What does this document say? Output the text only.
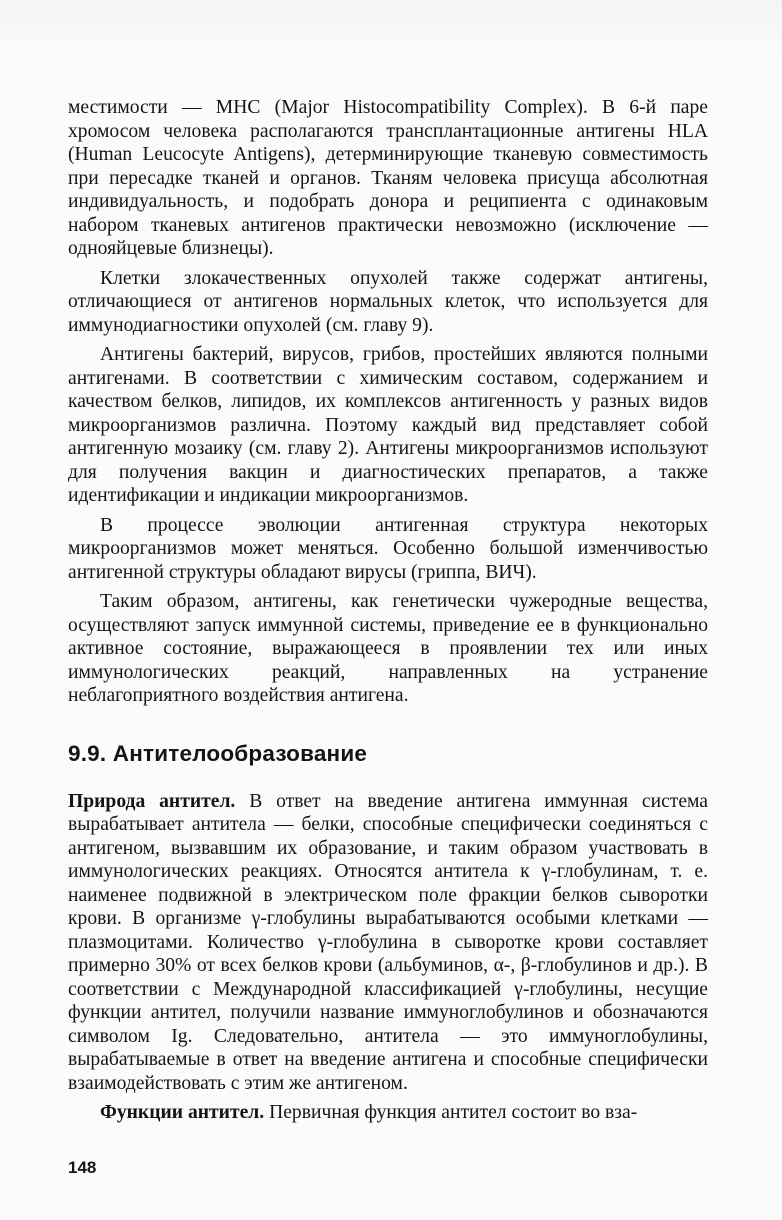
местимости — MHC (Major Histocompatibility Complex). В 6-й паре хромосом человека располагаются трансплантационные антигены HLA (Human Leucocyte Antigens), детерминирующие тканевую совместимость при пересадке тканей и органов. Тканям человека присуща абсолютная индивидуальность, и подобрать донора и реципиента с одинаковым набором тканевых антигенов практически невозможно (исключение — однояйцевые близнецы).

Клетки злокачественных опухолей также содержат антигены, отличающиеся от антигенов нормальных клеток, что используется для иммунодиагностики опухолей (см. главу 9).

Антигены бактерий, вирусов, грибов, простейших являются полными антигенами. В соответствии с химическим составом, содержанием и качеством белков, липидов, их комплексов антигенность у разных видов микроорганизмов различна. Поэтому каждый вид представляет собой антигенную мозаику (см. главу 2). Антигены микроорганизмов используют для получения вакцин и диагностических препаратов, а также идентификации и индикации микроорганизмов.

В процессе эволюции антигенная структура некоторых микроорганизмов может меняться. Особенно большой изменчивостью антигенной структуры обладают вирусы (гриппа, ВИЧ).

Таким образом, антигены, как генетически чужеродные вещества, осуществляют запуск иммунной системы, приведение ее в функционально активное состояние, выражающееся в проявлении тех или иных иммунологических реакций, направленных на устранение неблагоприятного воздействия антигена.

9.9. Антителообразование

Природа антител. В ответ на введение антигена иммунная система вырабатывает антитела — белки, способные специфически соединяться с антигеном, вызвавшим их образование, и таким образом участвовать в иммунологических реакциях. Относятся антитела к γ-глобулинам, т. е. наименее подвижной в электрическом поле фракции белков сыворотки крови. В организме γ-глобулины вырабатываются особыми клетками — плазмоцитами. Количество γ-глобулина в сыворотке крови составляет примерно 30% от всех белков крови (альбуминов, α-, β-глобулинов и др.). В соответствии с Международной классификацией γ-глобулины, несущие функции антител, получили название иммуноглобулинов и обозначаются символом Ig. Следовательно, антитела — это иммуноглобулины, вырабатываемые в ответ на введение антигена и способные специфически взаимодействовать с этим же антигеном.

Функции антител. Первичная функция антител состоит во вза-

148
